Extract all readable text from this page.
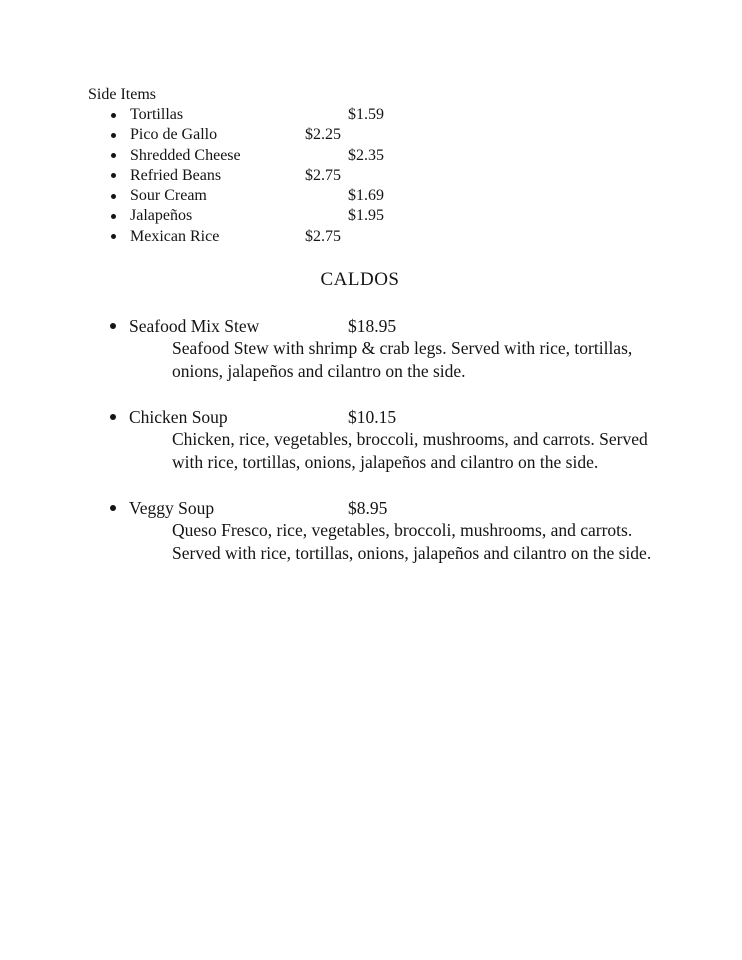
Side Items
Tortillas	$1.59
Pico de Gallo	$2.25
Shredded Cheese	$2.35
Refried Beans	$2.75
Sour Cream	$1.69
Jalapeños	$1.95
Mexican Rice	$2.75
CALDOS
Seafood Mix Stew	$18.95
Seafood Stew with shrimp & crab legs. Served with rice, tortillas,
onions, jalapeños and cilantro on the side.
Chicken Soup	$10.15
Chicken, rice, vegetables, broccoli, mushrooms, and carrots. Served
with rice, tortillas, onions, jalapeños and cilantro on the side.
Veggy Soup	$8.95
Queso Fresco, rice, vegetables, broccoli, mushrooms, and carrots.
Served with rice, tortillas, onions, jalapeños and cilantro on the side.
